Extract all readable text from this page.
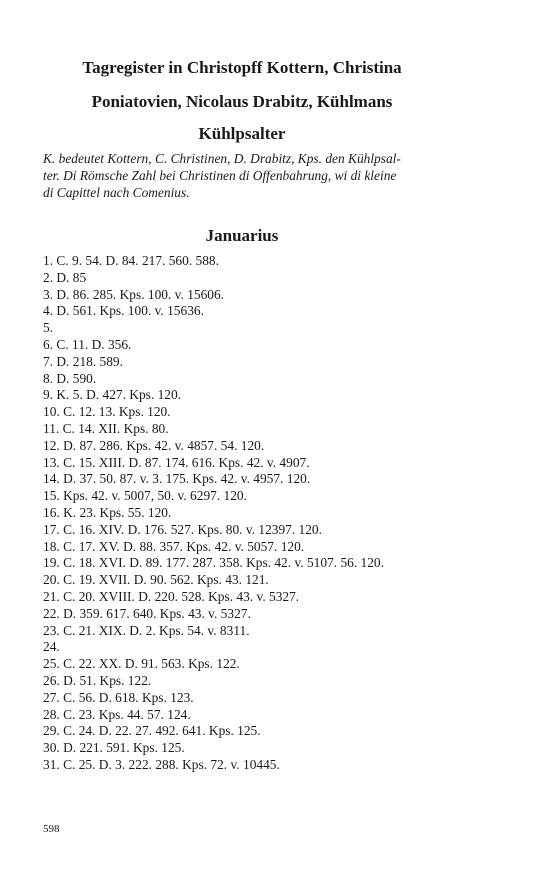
Tagregister in Christopff Kottern, Christina
Poniatovien, Nicolaus Drabitz, Kühlmans
Kühlpsalter
K. bedeutet Kottern, C. Christinen, D. Drabitz, Kps. den Kühlpsal-
ter. Di Römsche Zahl bei Christinen di Offenbahrung, wi di kleine
di Capittel nach Comenius.
Januarius
1. C. 9. 54. D. 84. 217. 560. 588.
2. D. 85
3. D. 86. 285. Kps. 100. v. 15606.
4. D. 561. Kps. 100. v. 15636.
5.
6. C. 11. D. 356.
7. D. 218. 589.
8. D. 590.
9. K. 5. D. 427. Kps. 120.
10. C. 12. 13. Kps. 120.
11. C. 14. XII. Kps. 80.
12. D. 87. 286. Kps. 42. v. 4857. 54. 120.
13. C. 15. XIII. D. 87. 174. 616. Kps. 42. v. 4907.
14. D. 37. 50. 87. v. 3. 175. Kps. 42. v. 4957. 120.
15. Kps. 42. v. 5007, 50. v. 6297. 120.
16. K. 23. Kps. 55. 120.
17. C. 16. XIV. D. 176. 527. Kps. 80. v. 12397. 120.
18. C. 17. XV. D. 88. 357. Kps. 42. v. 5057. 120.
19. C. 18. XVI. D. 89. 177. 287. 358. Kps. 42. v. 5107. 56. 120.
20. C. 19. XVII. D. 90. 562. Kps. 43. 121.
21. C. 20. XVIII. D. 220. 528. Kps. 43. v. 5327.
22. D. 359. 617. 640. Kps. 43. v. 5327.
23. C. 21. XIX. D. 2. Kps. 54. v. 8311.
24.
25. C. 22. XX. D. 91. 563. Kps. 122.
26. D. 51. Kps. 122.
27. C. 56. D. 618. Kps. 123.
28. C. 23. Kps. 44. 57. 124.
29. C. 24. D. 22. 27. 492. 641. Kps. 125.
30. D. 221. 591. Kps. 125.
31. C. 25. D. 3. 222. 288. Kps. 72. v. 10445.
598
